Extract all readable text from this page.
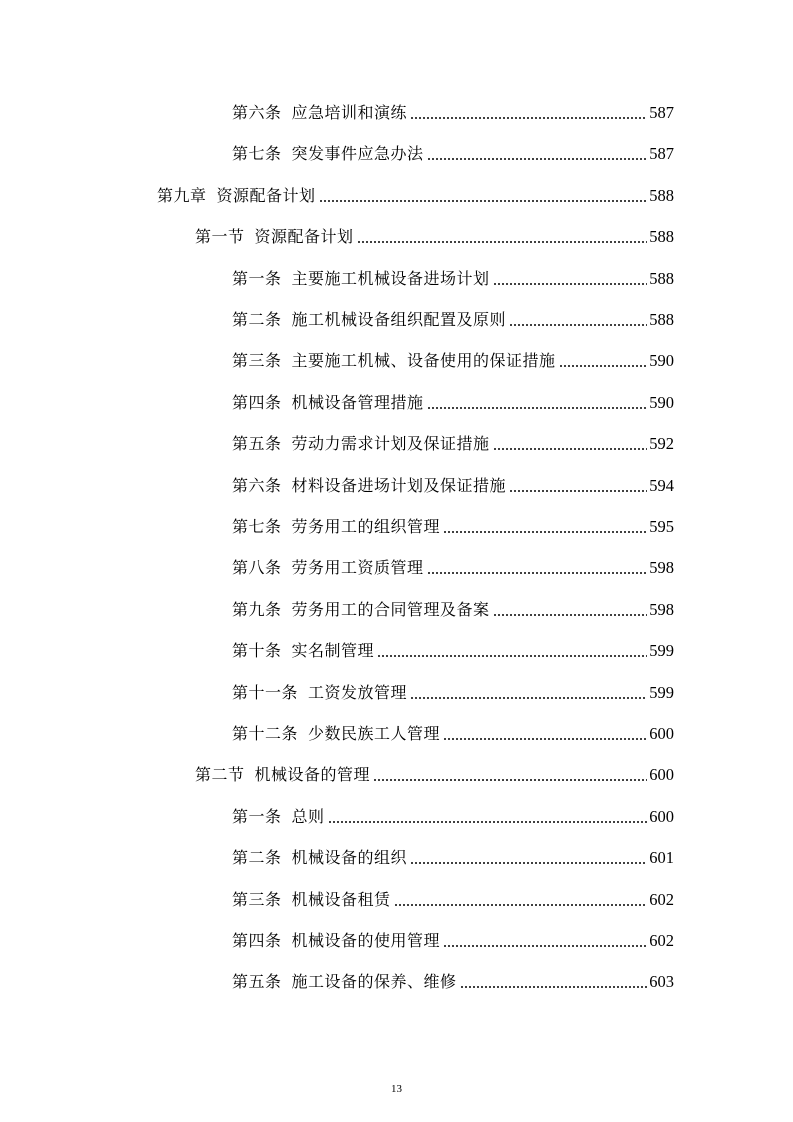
第六条 应急培训和演练	587
第七条 突发事件应急办法	587
第九章 资源配备计划	588
第一节 资源配备计划	588
第一条 主要施工机械设备进场计划	588
第二条 施工机械设备组织配置及原则	588
第三条 主要施工机械、设备使用的保证措施	590
第四条 机械设备管理措施	590
第五条 劳动力需求计划及保证措施	592
第六条 材料设备进场计划及保证措施	594
第七条 劳务用工的组织管理	595
第八条 劳务用工资质管理	598
第九条 劳务用工的合同管理及备案	598
第十条 实名制管理	599
第十一条 工资发放管理	599
第十二条 少数民族工人管理	600
第二节 机械设备的管理	600
第一条 总则	600
第二条 机械设备的组织	601
第三条 机械设备租赁	602
第四条 机械设备的使用管理	602
第五条 施工设备的保养、维修	603
13
